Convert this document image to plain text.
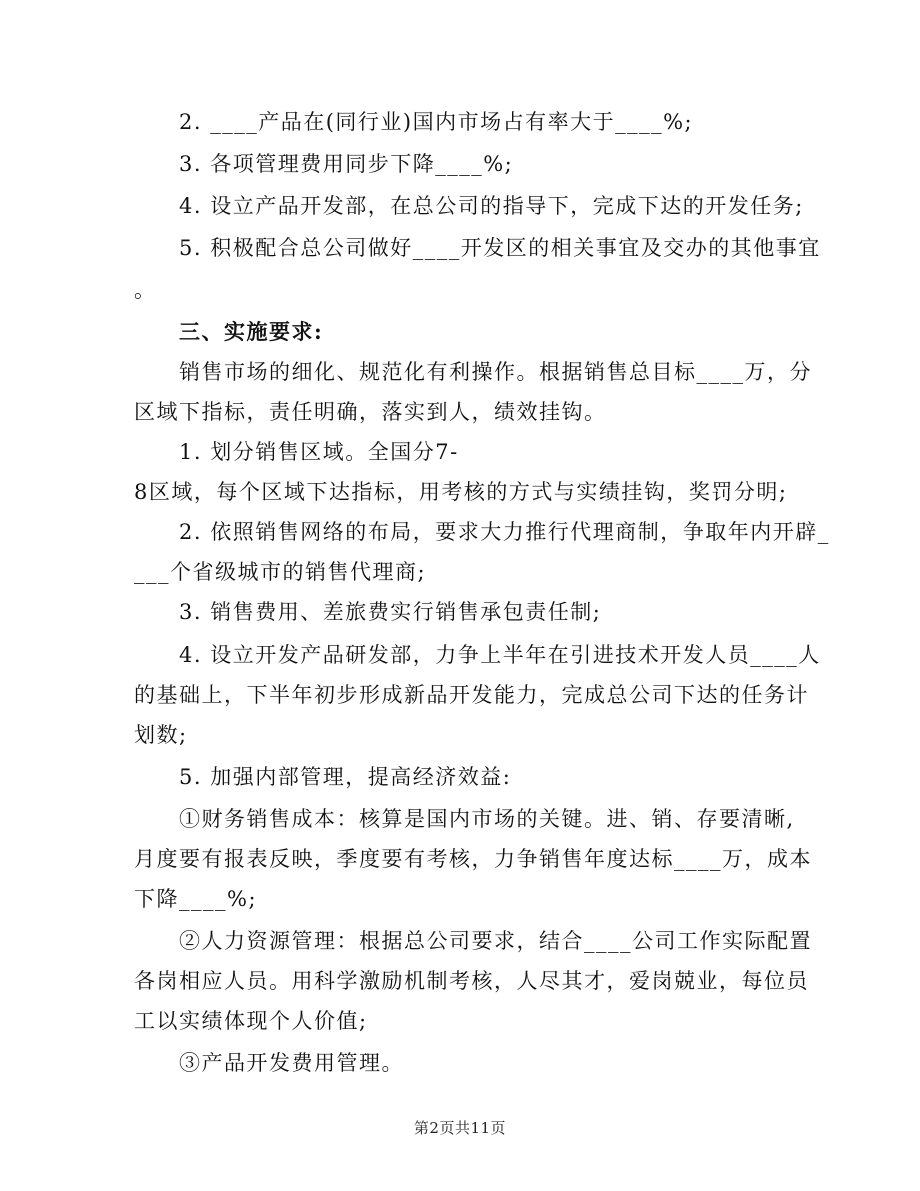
2. ____产品在(同行业)国内市场占有率大于____%;
3. 各项管理费用同步下降____%;
4. 设立产品开发部，在总公司的指导下，完成下达的开发任务;
5. 积极配合总公司做好____开发区的相关事宜及交办的其他事宜
。
三、实施要求:
销售市场的细化、规范化有利操作。根据销售总目标____万，分
区域下指标，责任明确，落实到人，绩效挂钩。
1. 划分销售区域。全国分7-
8区域，每个区域下达指标，用考核的方式与实绩挂钩，奖罚分明;
2. 依照销售网络的布局，要求大力推行代理商制，争取年内开辟_
___个省级城市的销售代理商;
3. 销售费用、差旅费实行销售承包责任制;
4. 设立开发产品研发部，力争上半年在引进技术开发人员____人
的基础上，下半年初步形成新品开发能力，完成总公司下达的任务计
划数;
5. 加强内部管理，提高经济效益:
①财务销售成本：核算是国内市场的关键。进、销、存要清晰,
月度要有报表反映，季度要有考核，力争销售年度达标____万，成本
下降____%;
②人力资源管理：根据总公司要求，结合____公司工作实际配置
各岗相应人员。用科学激励机制考核，人尽其才，爱岗兢业，每位员
工以实绩体现个人价值;
③产品开发费用管理。
第2页共11页
